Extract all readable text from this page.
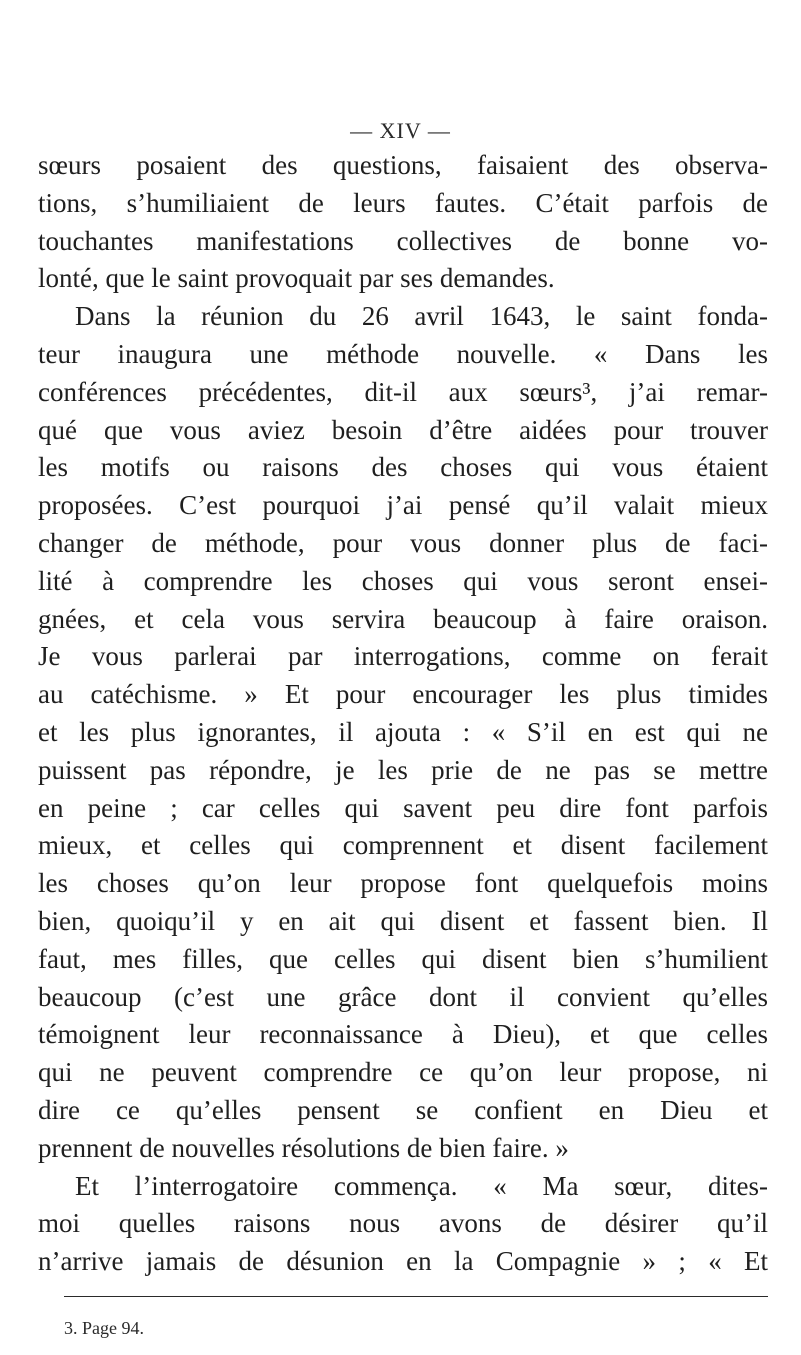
— XIV —
sœurs posaient des questions, faisaient des observa-
tions, s’humiliaient de leurs fautes. C’était parfois de
touchantes manifestations collectives de bonne vo-
lonté, que le saint provoquait par ses demandes.
Dans la réunion du 26 avril 1643, le saint fonda-
teur inaugura une méthode nouvelle. « Dans les
conférences précédentes, dit-il aux sœurs³, j’ai remar-
qué que vous aviez besoin d’être aidées pour trouver
les motifs ou raisons des choses qui vous étaient
proposées. C’est pourquoi j’ai pensé qu’il valait mieux
changer de méthode, pour vous donner plus de faci-
lité à comprendre les choses qui vous seront ensei-
gnées, et cela vous servira beaucoup à faire oraison.
Je vous parlerai par interrogations, comme on ferait
au catéchisme. » Et pour encourager les plus timides
et les plus ignorantes, il ajouta : « S’il en est qui ne
puissent pas répondre, je les prie de ne pas se mettre
en peine ; car celles qui savent peu dire font parfois
mieux, et celles qui comprennent et disent facilement
les choses qu’on leur propose font quelquefois moins
bien, quoiqu’il y en ait qui disent et fassent bien. Il
faut, mes filles, que celles qui disent bien s’humilient
beaucoup (c’est une grâce dont il convient qu’elles
témoignent leur reconnaissance à Dieu), et que celles
qui ne peuvent comprendre ce qu’on leur propose, ni
dire ce qu’elles pensent se confient en Dieu et
prennent de nouvelles résolutions de bien faire. »
Et l’interrogatoire commença. « Ma sœur, dites-
moi quelles raisons nous avons de désirer qu’il
n’arrive jamais de désunion en la Compagnie » ; « Et
3. Page 94.
